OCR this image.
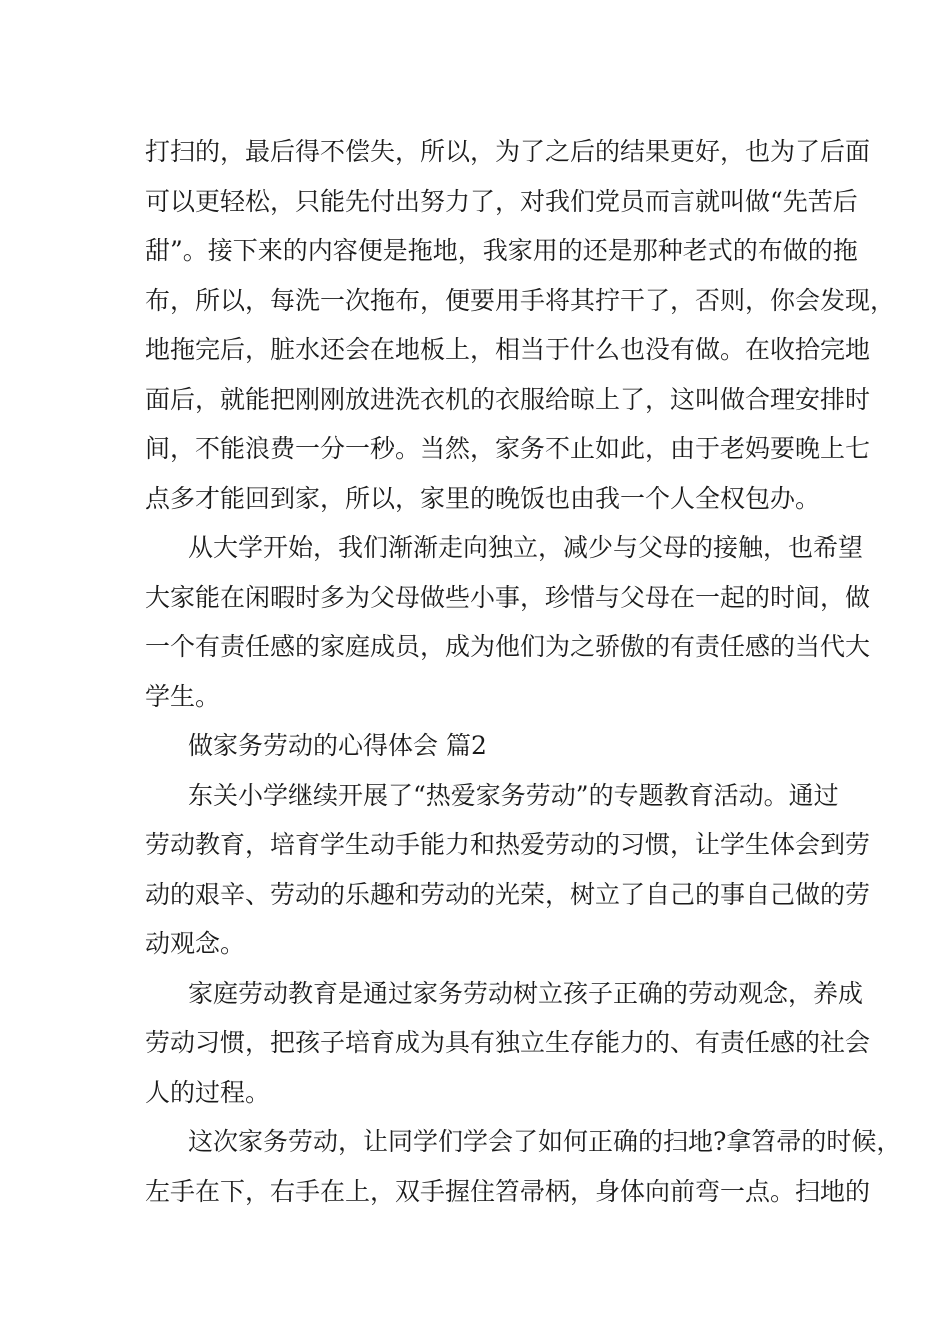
打扫的，最后得不偿失，所以，为了之后的结果更好，也为了后面
可以更轻松，只能先付出努力了，对我们党员而言就叫做“先苦后
甜”。接下来的内容便是拖地，我家用的还是那种老式的布做的拖
布，所以，每洗一次拖布，便要用手将其拧干了，否则，你会发现，
地拖完后，脏水还会在地板上，相当于什么也没有做。在收拾完地
面后，就能把刚刚放进洗衣机的衣服给晾上了，这叫做合理安排时
间，不能浪费一分一秒。当然，家务不止如此，由于老妈要晚上七
点多才能回到家，所以，家里的晚饭也由我一个人全权包办。
从大学开始，我们渐渐走向独立，减少与父母的接触，也希望
大家能在闲暇时多为父母做些小事，珍惜与父母在一起的时间，做
一个有责任感的家庭成员，成为他们为之骄傲的有责任感的当代大
学生。
做家务劳动的心得体会 篇2
东关小学继续开展了“热爱家务劳动”的专题教育活动。通过
劳动教育，培育学生动手能力和热爱劳动的习惯，让学生体会到劳
动的艰辛、劳动的乐趣和劳动的光荣，树立了自己的事自己做的劳
动观念。
家庭劳动教育是通过家务劳动树立孩子正确的劳动观念，养成
劳动习惯，把孩子培育成为具有独立生存能力的、有责任感的社会
人的过程。
这次家务劳动，让同学们学会了如何正确的扫地?拿笤帚的时候，
左手在下，右手在上，双手握住笤帚柄，身体向前弯一点。扫地的
